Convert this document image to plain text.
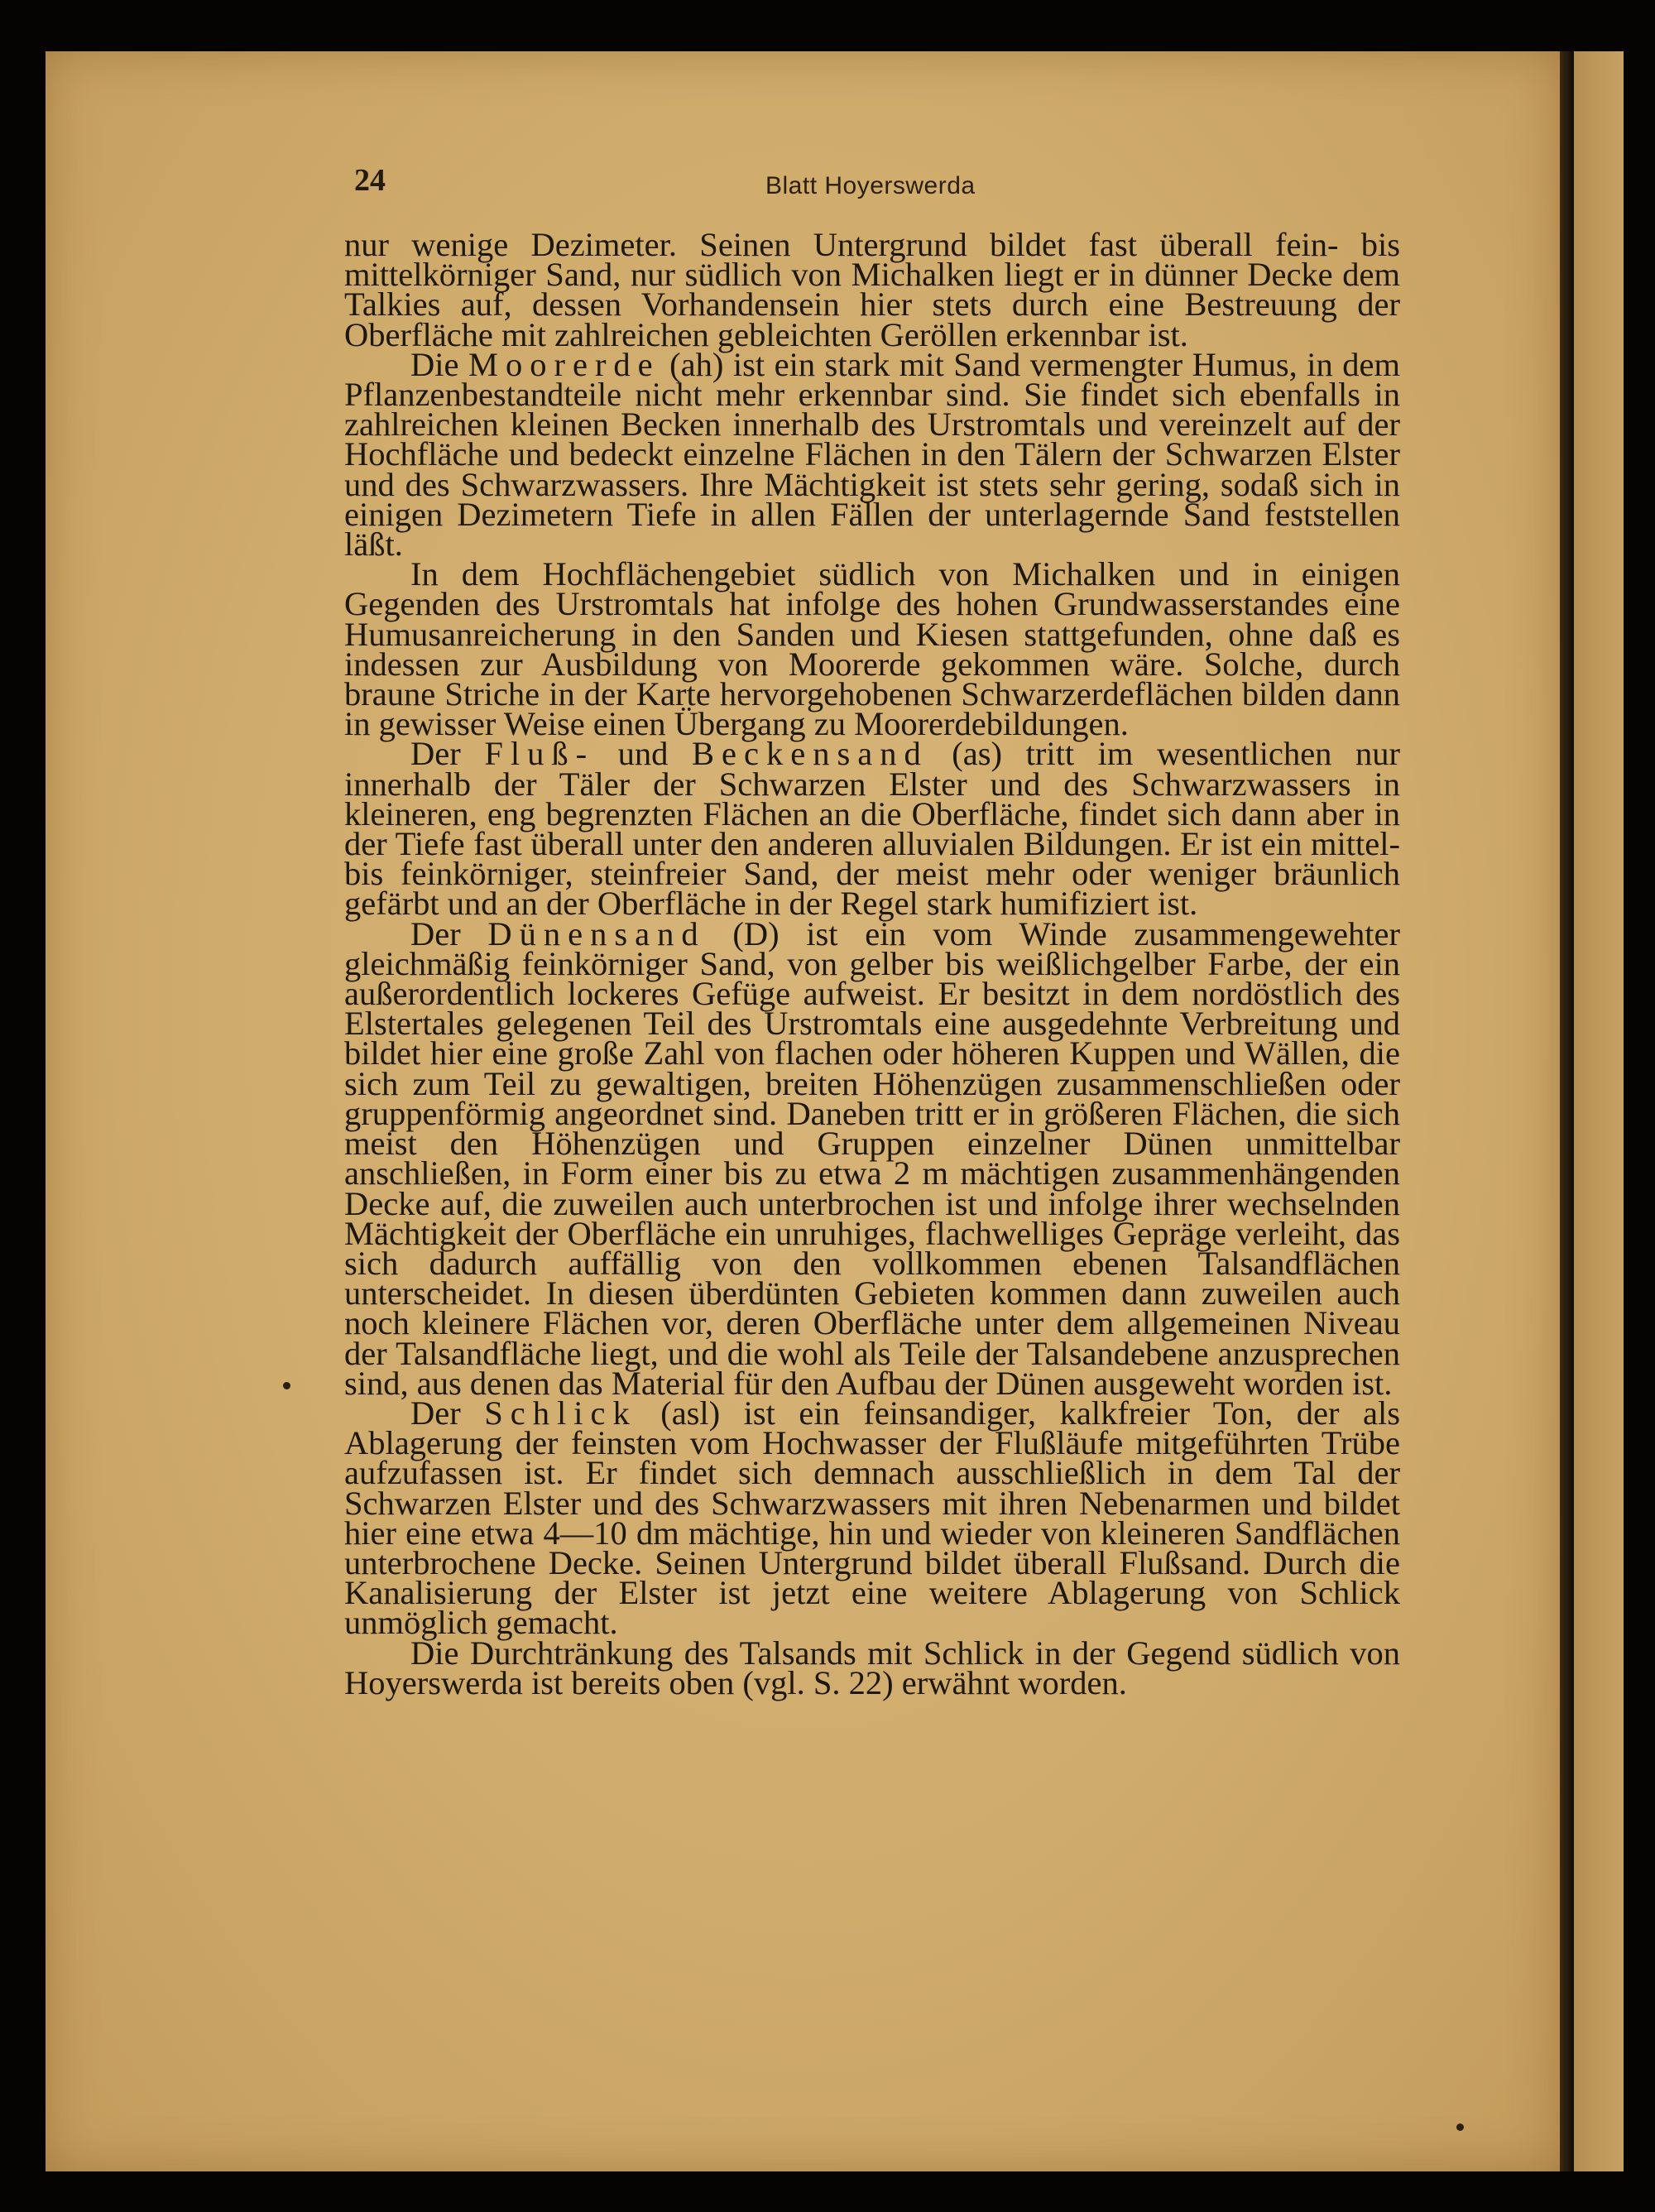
24	Blatt Hoyerswerda

nur wenige Dezimeter. Seinen Untergrund bildet fast überall fein- bis mittelkörniger Sand, nur südlich von Michalken liegt er in dünner Decke dem Talkies auf, dessen Vorhandensein hier stets durch eine Bestreuung der Oberfläche mit zahlreichen gebleichten Geröllen erkennbar ist.

Die Moorerde (ah) ist ein stark mit Sand vermengter Humus, in dem Pflanzenbestandteile nicht mehr erkennbar sind. Sie findet sich ebenfalls in zahlreichen kleinen Becken innerhalb des Urstromtals und vereinzelt auf der Hochfläche und bedeckt einzelne Flächen in den Tälern der Schwarzen Elster und des Schwarzwassers. Ihre Mächtigkeit ist stets sehr gering, sodaß sich in einigen Dezimetern Tiefe in allen Fällen der unterlagernde Sand feststellen läßt.

In dem Hochflächengebiet südlich von Michalken und in einigen Gegenden des Urstromtals hat infolge des hohen Grundwasserstandes eine Humusanreicherung in den Sanden und Kiesen stattgefunden, ohne daß es indessen zur Ausbildung von Moorerde gekommen wäre. Solche, durch braune Striche in der Karte hervorgehobenen Schwarzerdeflächen bilden dann in gewisser Weise einen Übergang zu Moorerdebildungen.

Der Fluß- und Beckensand (as) tritt im wesentlichen nur innerhalb der Täler der Schwarzen Elster und des Schwarzwassers in kleineren, eng begrenzten Flächen an die Oberfläche, findet sich dann aber in der Tiefe fast überall unter den anderen alluvialen Bildungen. Er ist ein mittel- bis feinkörniger, steinfreier Sand, der meist mehr oder weniger bräunlich gefärbt und an der Oberfläche in der Regel stark humifiziert ist.

Der Dünensand (D) ist ein vom Winde zusammengewehter gleichmäßig feinkörniger Sand, von gelber bis weißlichgelber Farbe, der ein außerordentlich lockeres Gefüge aufweist. Er besitzt in dem nordöstlich des Elstertales gelegenen Teil des Urstromtals eine ausgedehnte Verbreitung und bildet hier eine große Zahl von flachen oder höheren Kuppen und Wällen, die sich zum Teil zu gewaltigen, breiten Höhenzügen zusammenschließen oder gruppenförmig angeordnet sind. Daneben tritt er in größeren Flächen, die sich meist den Höhenzügen und Gruppen einzelner Dünen unmittelbar anschließen, in Form einer bis zu etwa 2 m mächtigen zusammenhängenden Decke auf, die zuweilen auch unterbrochen ist und infolge ihrer wechselnden Mächtigkeit der Oberfläche ein unruhiges, flachwelliges Gepräge verleiht, das sich dadurch auffällig von den vollkommen ebenen Talsandflächen unterscheidet. In diesen überdünten Gebieten kommen dann zuweilen auch noch kleinere Flächen vor, deren Oberfläche unter dem allgemeinen Niveau der Talsandfläche liegt, und die wohl als Teile der Talsandebene anzusprechen sind, aus denen das Material für den Aufbau der Dünen ausgeweht worden ist.

Der Schlick (asl) ist ein feinsandiger, kalkfreier Ton, der als Ablagerung der feinsten vom Hochwasser der Flußläufe mitgeführten Trübe aufzufassen ist. Er findet sich demnach ausschließlich in dem Tal der Schwarzen Elster und des Schwarzwassers mit ihren Nebenarmen und bildet hier eine etwa 4—10 dm mächtige, hin und wieder von kleineren Sandflächen unterbrochene Decke. Seinen Untergrund bildet überall Flußsand. Durch die Kanalisierung der Elster ist jetzt eine weitere Ablagerung von Schlick unmöglich gemacht.

Die Durchtränkung des Talsands mit Schlick in der Gegend südlich von Hoyerswerda ist bereits oben (vgl. S. 22) erwähnt worden.
